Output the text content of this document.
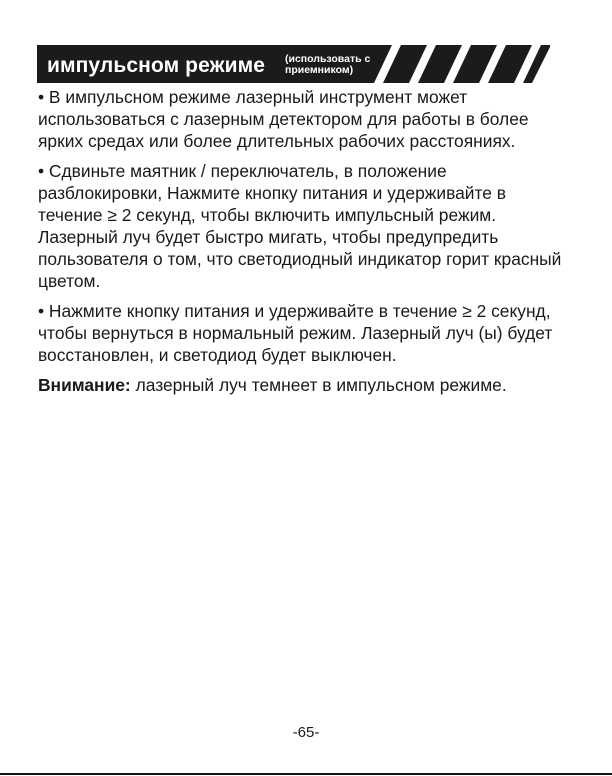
импульсном режиме (использовать с
приемником)

• В импульсном режиме лазерный инструмент может использоваться с лазерным детектором для работы в более ярких средах или более длительных рабочих расстояниях.

• Сдвиньте маятник / переключатель, в положение разблокировки, Нажмите кнопку питания и удерживайте в течение ≥ 2 секунд, чтобы включить импульсный режим. Лазерный луч будет быстро мигать, чтобы предупредить пользователя о том, что светодиодный индикатор горит красный цветом.

• Нажмите кнопку питания и удерживайте в течение ≥ 2 секунд, чтобы вернуться в нормальный режим. Лазерный луч (ы) будет восстановлен, и светодиод будет выключен.

Внимание: лазерный луч темнеет в импульсном режиме.

-65-
